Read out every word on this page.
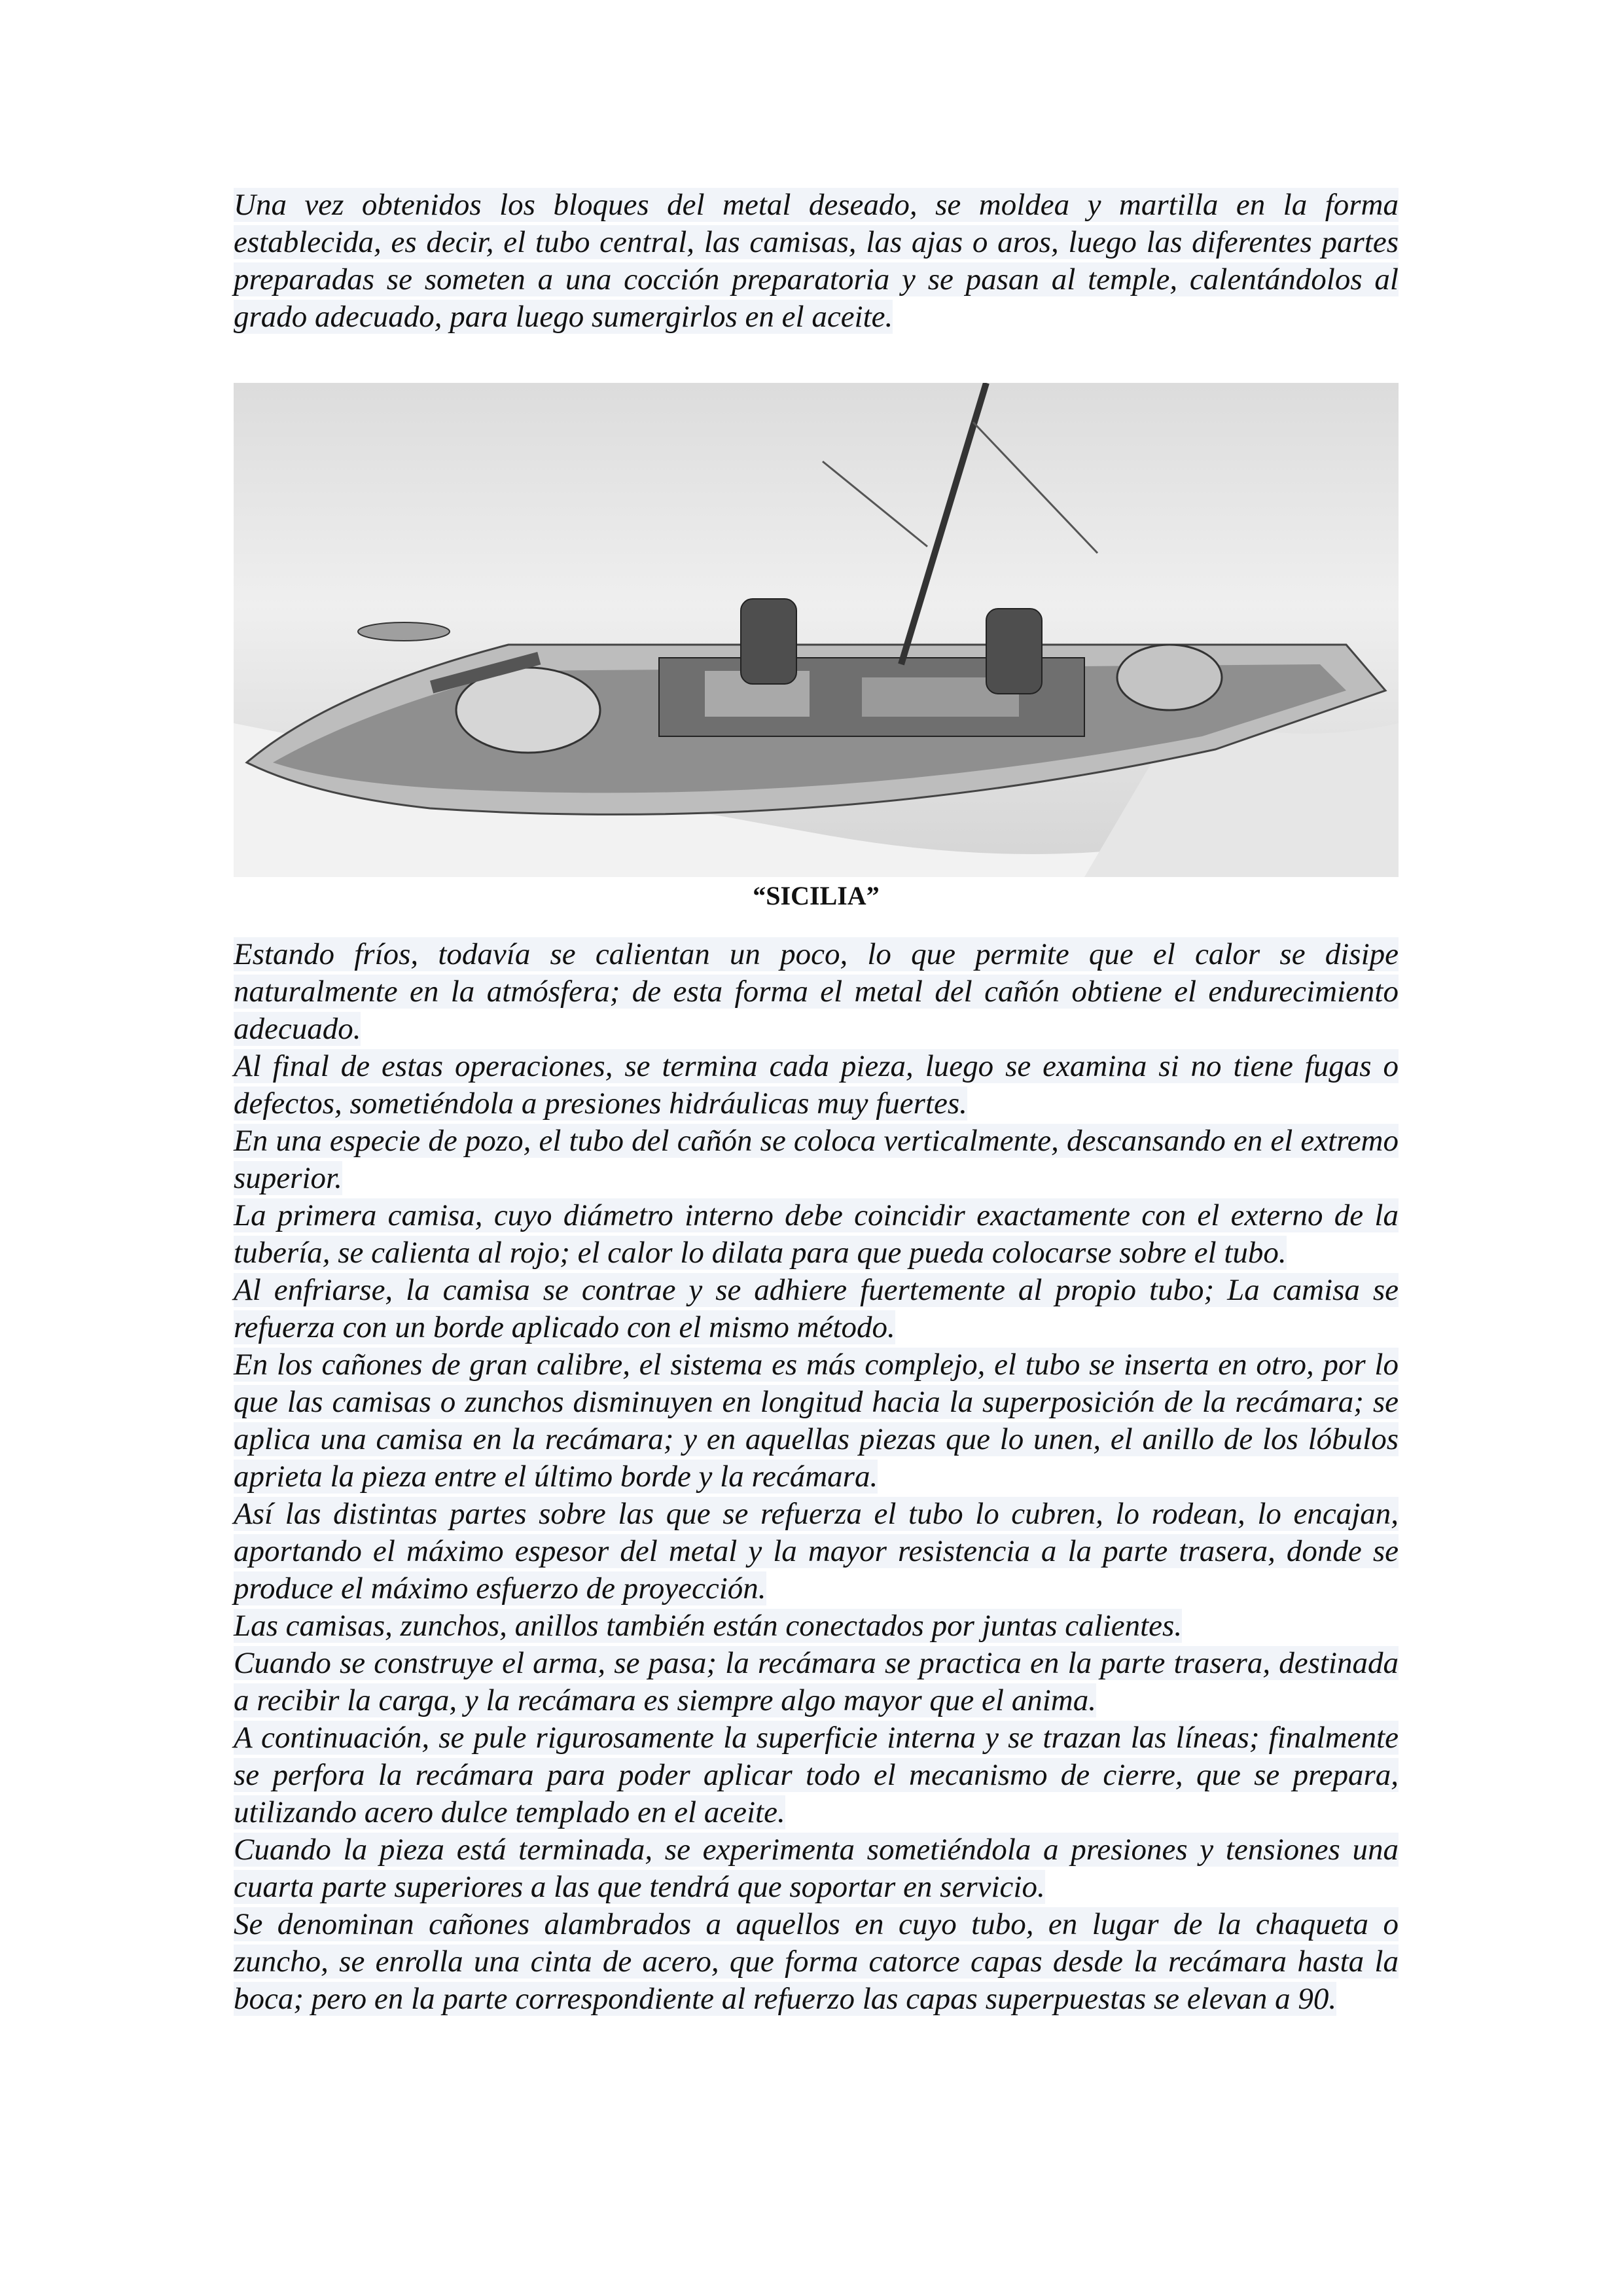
Una vez obtenidos los bloques del metal deseado, se moldea y martilla en la forma establecida, es decir, el tubo central, las camisas, las ajas o aros, luego las diferentes partes preparadas se someten a una cocción preparatoria y se pasan al temple, calentándolos al grado adecuado, para luego sumergirlos en el aceite.

“SICILIA”

Estando fríos, todavía se calientan un poco, lo que permite que el calor se disipe naturalmente en la atmósfera; de esta forma el metal del cañón obtiene el endurecimiento adecuado.

Al final de estas operaciones, se termina cada pieza, luego se examina si no tiene fugas o defectos, sometiéndola a presiones hidráulicas muy fuertes.

En una especie de pozo, el tubo del cañón se coloca verticalmente, descansando en el extremo superior.

La primera camisa, cuyo diámetro interno debe coincidir exactamente con el externo de la tubería, se calienta al rojo; el calor lo dilata para que pueda colocarse sobre el tubo.

Al enfriarse, la camisa se contrae y se adhiere fuertemente al propio tubo; La camisa se refuerza con un borde aplicado con el mismo método.

En los cañones de gran calibre, el sistema es más complejo, el tubo se inserta en otro, por lo que las camisas o zunchos disminuyen en longitud hacia la superposición de la recámara; se aplica una camisa en la recámara; y en aquellas piezas que lo unen, el anillo de los lóbulos aprieta la pieza entre el último borde y la recámara.

Así las distintas partes sobre las que se refuerza el tubo lo cubren, lo rodean, lo encajan, aportando el máximo espesor del metal y la mayor resistencia a la parte trasera, donde se produce el máximo esfuerzo de proyección.

Las camisas, zunchos, anillos también están conectados por juntas calientes.

Cuando se construye el arma, se pasa; la recámara se practica en la parte trasera, destinada a recibir la carga, y la recámara es siempre algo mayor que el anima.

A continuación, se pule rigurosamente la superficie interna y se trazan las líneas; finalmente se perfora la recámara para poder aplicar todo el mecanismo de cierre, que se prepara, utilizando acero dulce templado en el aceite.

Cuando la pieza está terminada, se experimenta sometiéndola a presiones y tensiones una cuarta parte superiores a las que tendrá que soportar en servicio.

Se denominan cañones alambrados a aquellos en cuyo tubo, en lugar de la chaqueta o zuncho, se enrolla una cinta de acero, que forma catorce capas desde la recámara hasta la boca; pero en la parte correspondiente al refuerzo las capas superpuestas se elevan a 90.
